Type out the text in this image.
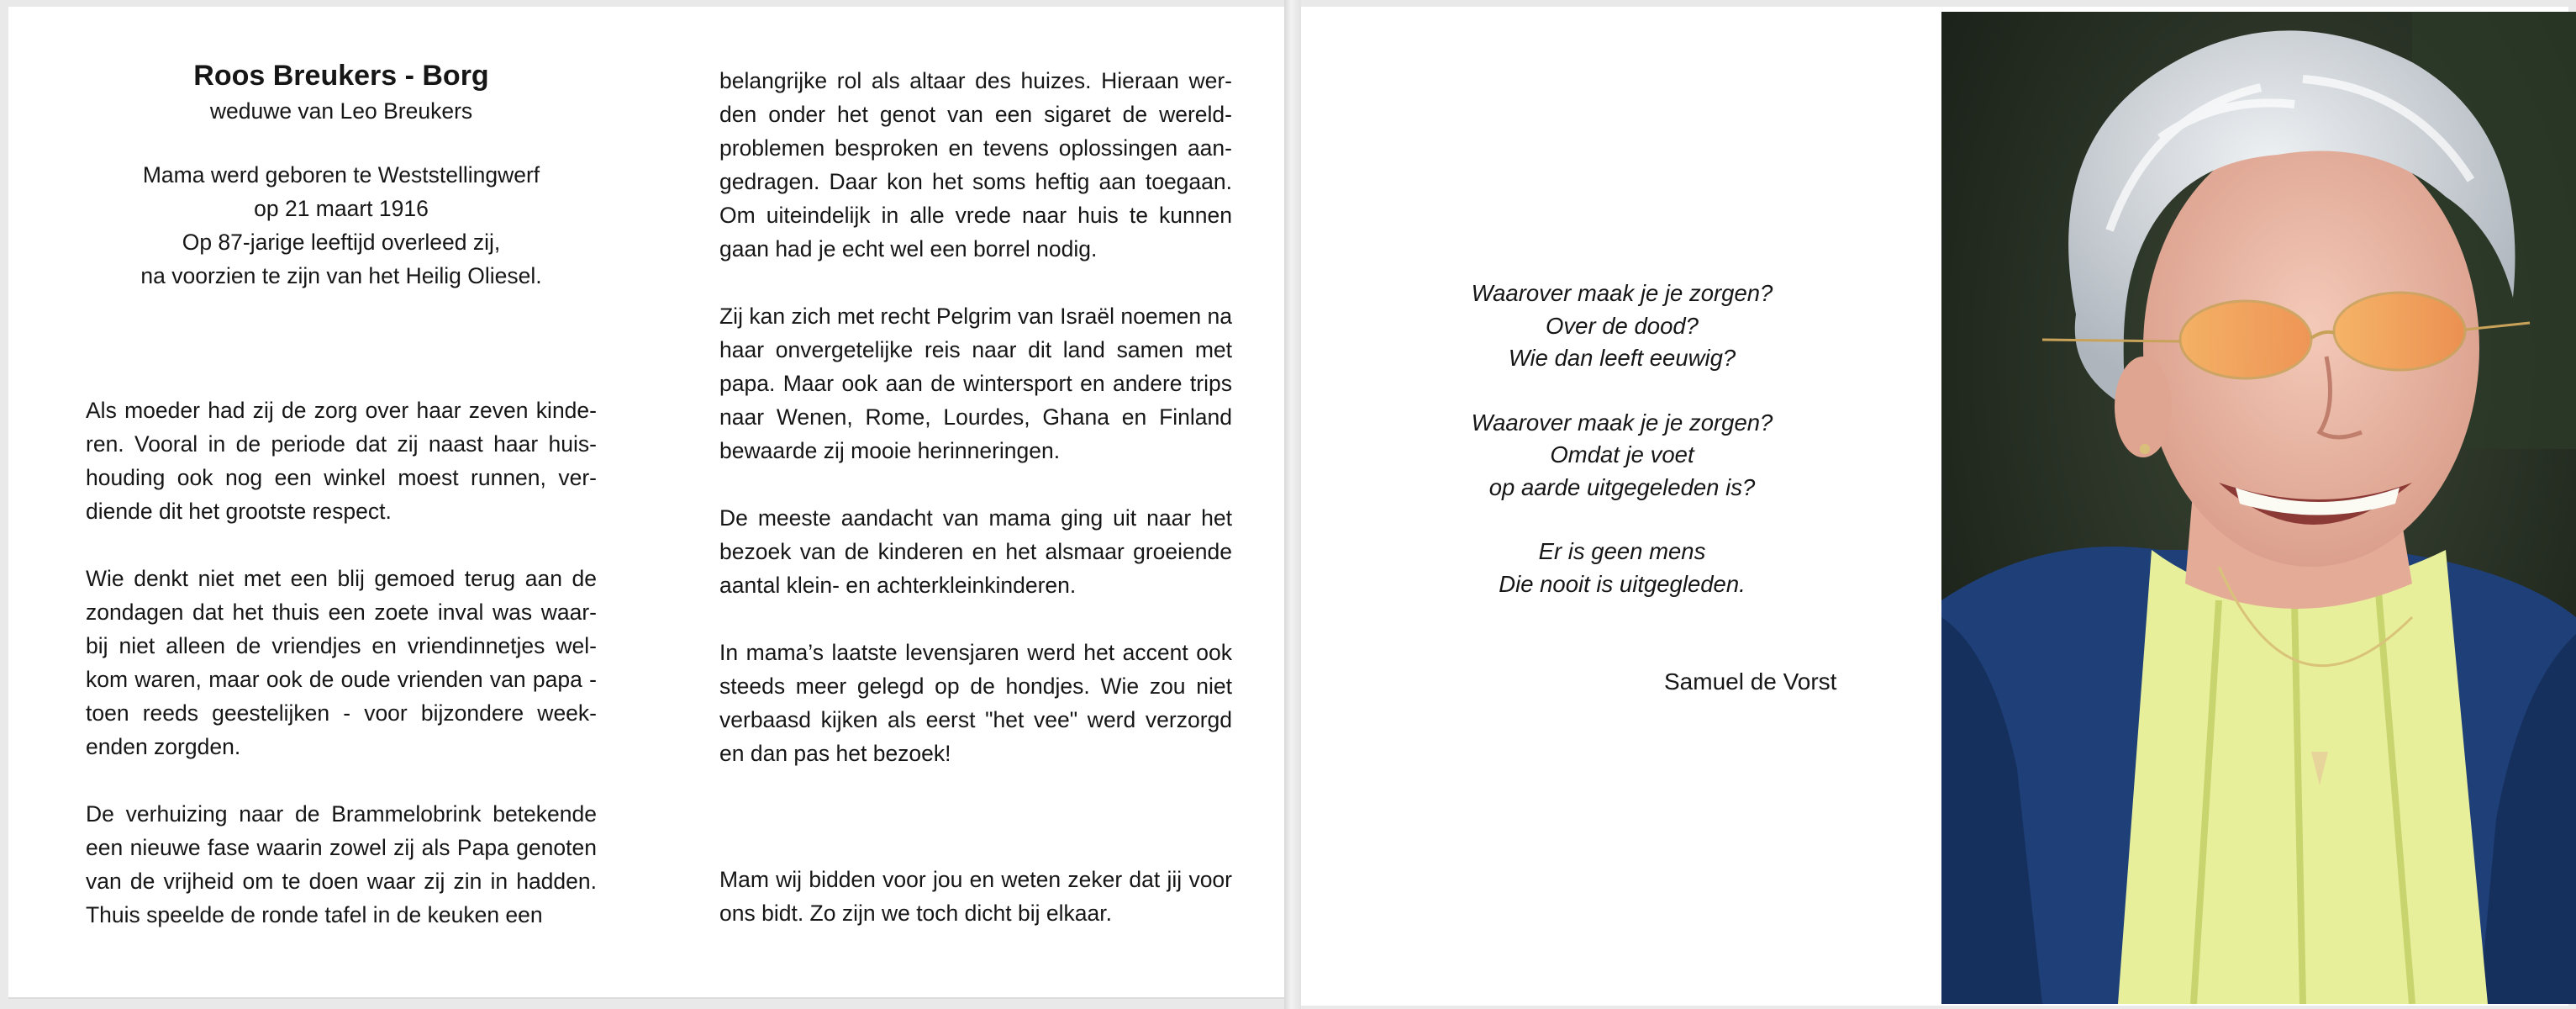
Roos Breukers - Borg

weduwe van Leo Breukers

Mama werd geboren te Weststellingwerf
op 21 maart 1916
Op 87-jarige leeftijd overleed zij,
na voorzien te zijn van het Heilig Oliesel.

Als moeder had zij de zorg over haar zeven kinde-ren. Vooral in de periode dat zij naast haar huis-houding ook nog een winkel moest runnen, ver-diende dit het grootste respect.

Wie denkt niet met een blij gemoed terug aan de zondagen dat het thuis een zoete inval was waar-bij niet alleen de vriendjes en vriendinnetjes wel-kom waren, maar ook de oude vrienden van papa - toen reeds geestelijken - voor bijzondere week-enden zorgden.

De verhuizing naar de Brammelobrink betekende een nieuwe fase waarin zowel zij als Papa genoten van de vrijheid om te doen waar zij zin in hadden. Thuis speelde de ronde tafel in de keuken een

belangrijke rol als altaar des huizes. Hieraan wer-den onder het genot van een sigaret de wereld-problemen besproken en tevens oplossingen aan-gedragen. Daar kon het soms heftig aan toegaan. Om uiteindelijk in alle vrede naar huis te kunnen gaan had je echt wel een borrel nodig.

Zij kan zich met recht Pelgrim van Israël noemen na haar onvergetelijke reis naar dit land samen met papa. Maar ook aan de wintersport en andere trips naar Wenen, Rome, Lourdes, Ghana en Finland bewaarde zij mooie herinneringen.

De meeste aandacht van mama ging uit naar het bezoek van de kinderen en het alsmaar groeiende aantal klein- en achterkleinkinderen.

In mama’s laatste levensjaren werd het accent ook steeds meer gelegd op de hondjes. Wie zou niet verbaasd kijken als eerst "het vee" werd verzorgd en dan pas het bezoek!

Mam wij bidden voor jou en weten zeker dat jij voor ons bidt. Zo zijn we toch dicht bij elkaar.

Waarover maak je je zorgen?
Over de dood?
Wie dan leeft eeuwig?
Waarover maak je je zorgen?
Omdat je voet
op aarde uitgegeleden is?
Er is geen mens
Die nooit is uitgegleden.
Samuel de Vorst
